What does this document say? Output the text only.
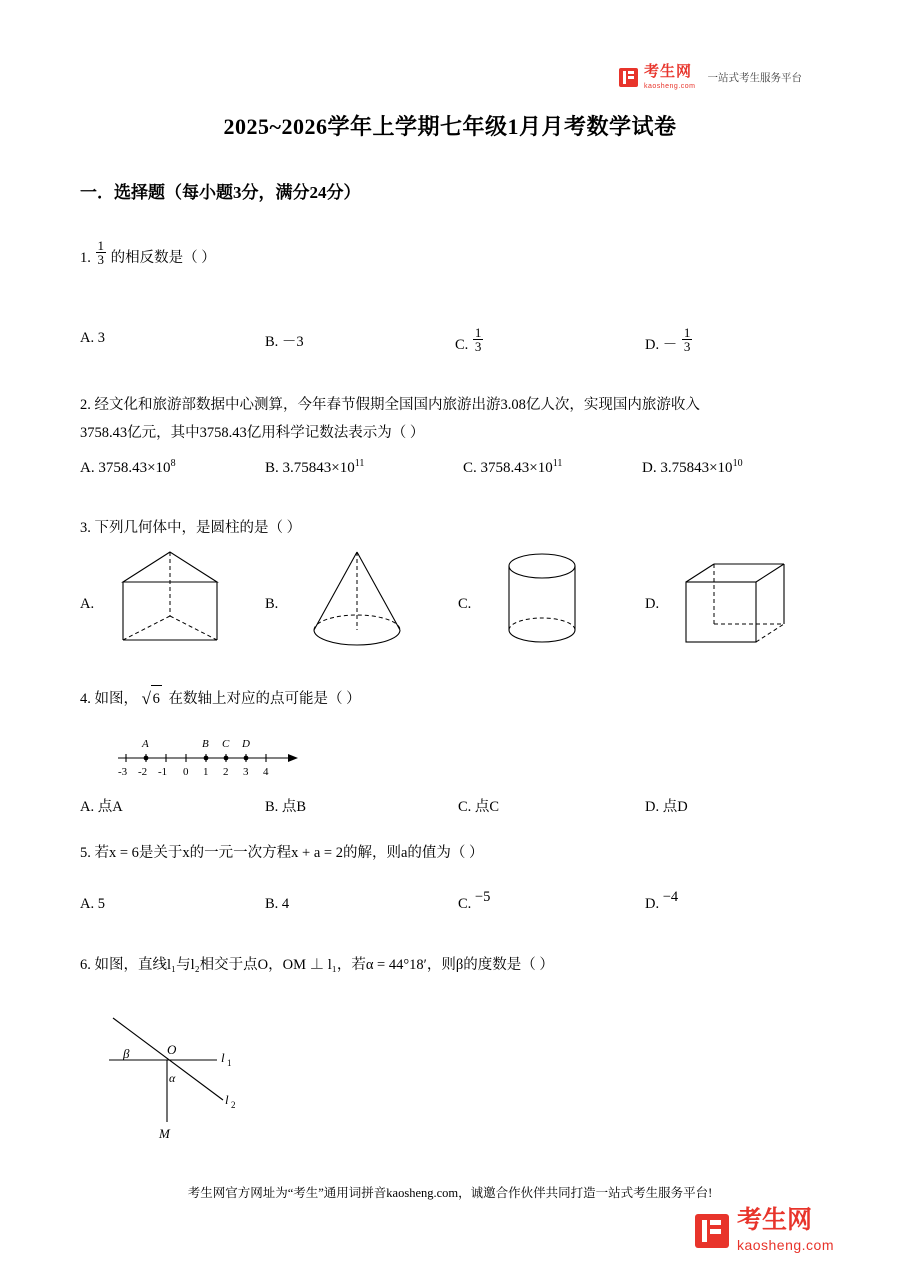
考生网
kaosheng.com
一站式考生服务平台
2025~2026学年上学期七年级1月月考数学试卷
一．选择题（每小题3分，满分24分）
1. $\frac{1}{3}$ 的相反数是（ ）
A. 3	B. －3	C. $\frac{1}{3}$	D. － $\frac{1}{3}$
2. 经文化和旅游部数据中心测算，今年春节假期全国国内旅游出游3.08亿人次，实现国内旅游收入
3758.43亿元，其中3758.43亿用科学记数法表示为（ ）
A. $3758.43\times 10^8$	B. $3.75843\times 10^{11}$	C. $3758.43\times 10^{11}$	D. $3.75843\times 10^{10}$
3. 下列几何体中，是圆柱的是（ ）
A.	B.	C.	D.
4. 如图， √ 6 在数轴上对应的点可能是（ ）
A	B C D
-3 -2 -1 0 1 2 3 4
A. 点A	B. 点B	C. 点C	D. 点D
5. 若x = 6是关于x的一元一次方程x + a = 2的解，则a的值为（ ）
A. 5	B. 4	C. −5	D. −4
6. 如图，直线l₁与l₂相交于点O，OM ⊥ l₁，若α = 44°18′，则β的度数是（ ）
β
α
O
M
l 1
l 2
考生网官方网址为“考生”通用词拼音kaosheng.com，诚邀合作伙伴共同打造一站式考生服务平台!
考生网
kaosheng.com
